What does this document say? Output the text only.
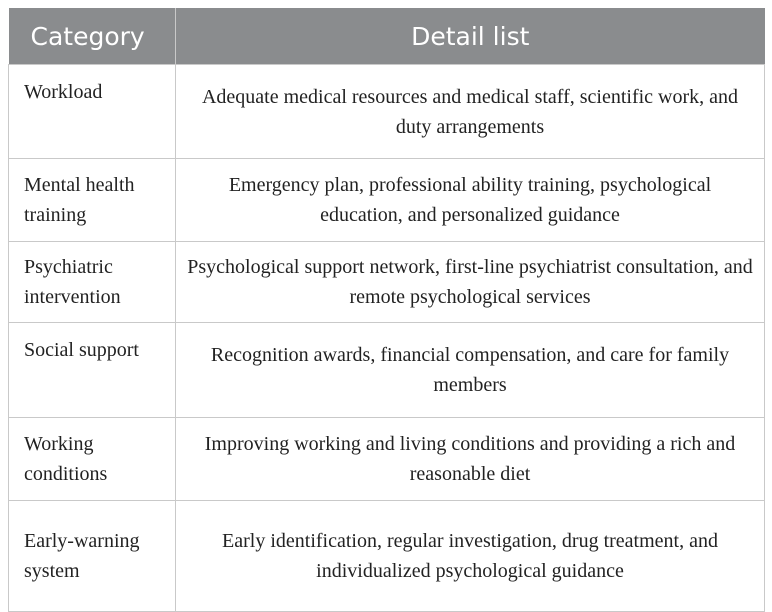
Category	Detail list
Workload	Adequate medical resources and medical staff, scientific work, and duty arrangements
Mental health training	Emergency plan, professional ability training, psychological education, and personalized guidance
Psychiatric intervention	Psychological support network, first-line psychiatrist consultation, and remote psychological services
Social support	Recognition awards, financial compensation, and care for family members
Working conditions	Improving working and living conditions and providing a rich and reasonable diet
Early-warning system	Early identification, regular investigation, drug treatment, and individualized psychological guidance
